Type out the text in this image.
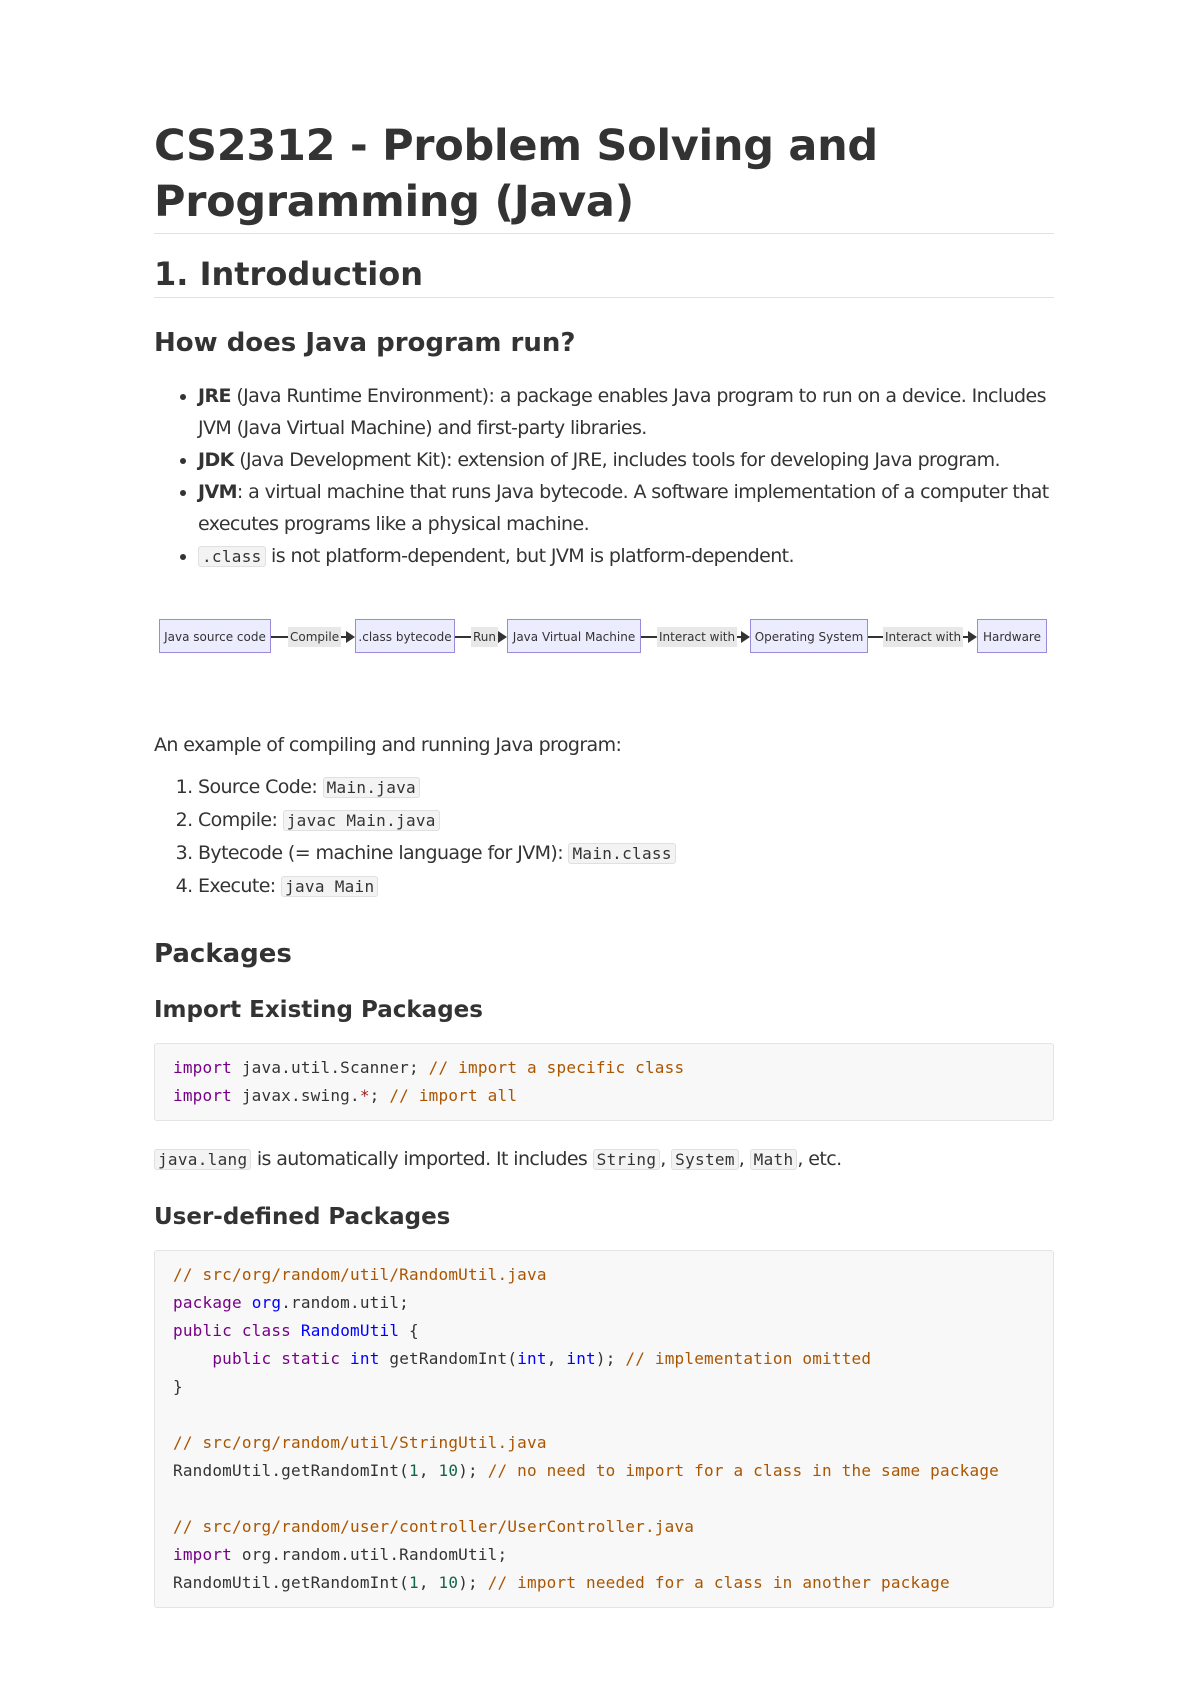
CS2312 - Problem Solving and Programming (Java)
1. Introduction
How does Java program run?
• JRE (Java Runtime Environment): a package enables Java program to run on a device. Includes JVM (Java Virtual Machine) and first-party libraries.
• JDK (Java Development Kit): extension of JRE, includes tools for developing Java program.
• JVM: a virtual machine that runs Java bytecode. A software implementation of a computer that executes programs like a physical machine.
• .class is not platform-dependent, but JVM is platform-dependent.
Java source code	Compile .class bytecode Run	Java Virtual Machine	Interact with	Operating System	Interact with	Hardware
An example of compiling and running Java program:
1. Source Code: Main.java
2. Compile: javac Main.java
3. Bytecode (= machine language for JVM): Main.class
4. Execute: java Main
Packages
Import Existing Packages
import java.util.Scanner; // import a specific class
import javax.swing.*; // import all
java.lang is automatically imported. It includes String , System , Math , etc.
User-defined Packages
// src/org/random/util/RandomUtil.java
package org.random.util;
public class RandomUtil {
public static int getRandomInt(int, int); // implementation omitted
}

// src/org/random/util/StringUtil.java
RandomUtil.getRandomInt(1, 10); // no need to import for a class in the same package

// src/org/random/user/controller/UserController.java
import org.random.util.RandomUtil;
RandomUtil.getRandomInt(1, 10); // import needed for a class in another package
